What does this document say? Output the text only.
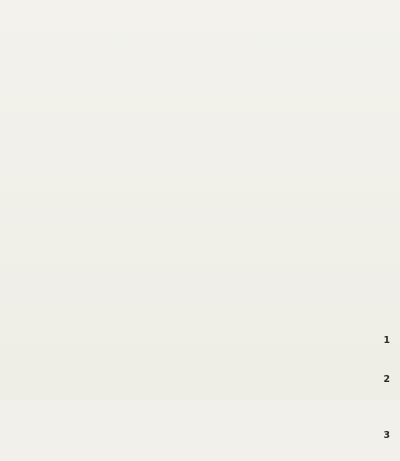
1

2

3
